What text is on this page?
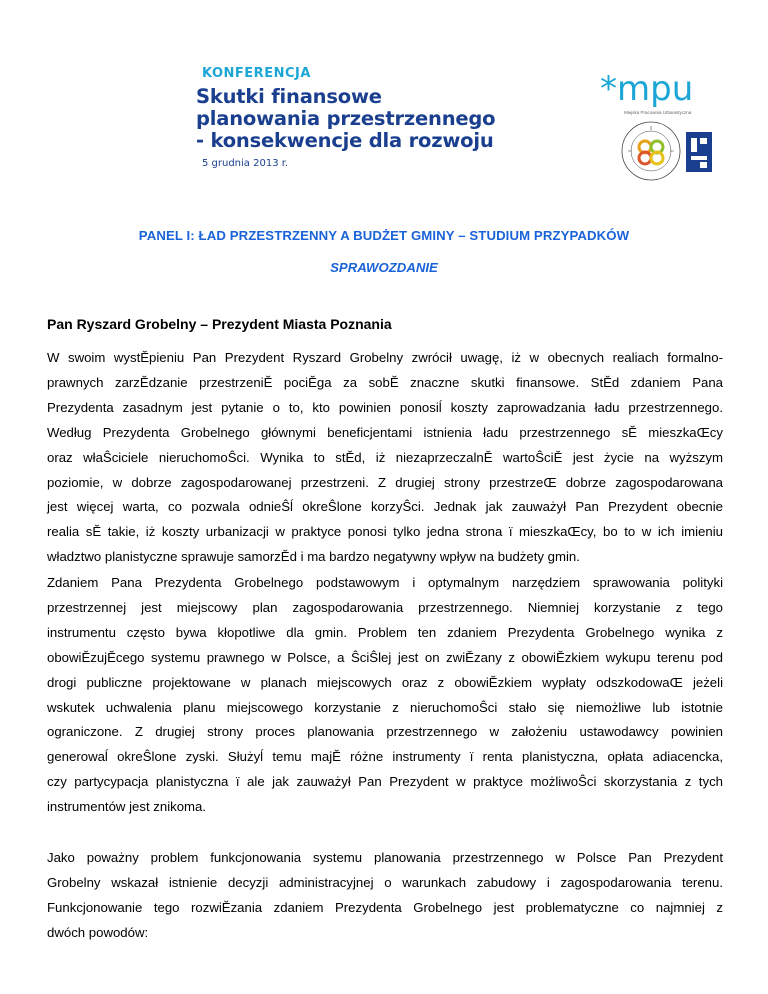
KONFERENCJA
Skutki finansowe
planowania przestrzennego
- konsekwencje dla rozwoju
5 grudnia 2013 r.
*mpu
Miejska Pracownia Urbanistyczna
PANEL I: ŁAD PRZESTRZENNY A BUDŻET GMINY – STUDIUM PRZYPADKÓW
SPRAWOZDANIE
Pan Ryszard Grobelny – Prezydent Miasta Poznania

W swoim wystĔpieniu Pan Prezydent Ryszard Grobelny zwrócił uwagę, iż w obecnych realiach formalno-
prawnych zarzĔdzanie przestrzeniĔ pociĔga za sobĔ znaczne skutki finansowe. StĔd zdaniem Pana
Prezydenta zasadnym jest pytanie o to, kto powinien ponosiĺ koszty zaprowadzania ładu przestrzennego.
Według Prezydenta Grobelnego głównymi beneficjentami istnienia ładu przestrzennego sĔ mieszkaŒcy
oraz właŜciciele nieruchomoŜci. Wynika to stĔd, iż niezaprzeczalnĔ wartoŜciĔ jest życie na wyższym
poziomie, w dobrze zagospodarowanej przestrzeni. Z drugiej strony przestrzeŒ dobrze zagospodarowana
jest więcej warta, co pozwala odnieŜĺ okreŜlone korzyŜci. Jednak jak zauważył Pan Prezydent obecnie
realia sĔ takie, iż koszty urbanizacji w praktyce ponosi tylko jedna strona ï mieszkaŒcy, bo to w ich imieniu
władztwo planistyczne sprawuje samorzĔd i ma bardzo negatywny wpływ na budżety gmin.

Zdaniem Pana Prezydenta Grobelnego podstawowym i optymalnym narzędziem sprawowania polityki
przestrzennej jest miejscowy plan zagospodarowania przestrzennego. Niemniej korzystanie z tego
instrumentu często bywa kłopotliwe dla gmin. Problem ten zdaniem Prezydenta Grobelnego wynika z
obowiĔzujĔcego systemu prawnego w Polsce, a ŜciŜlej jest on zwiĔzany z obowiĔzkiem wykupu terenu pod
drogi publiczne projektowane w planach miejscowych oraz z obowiĔzkiem wypłaty odszkodowaŒ jeżeli
wskutek uchwalenia planu miejscowego korzystanie z nieruchomoŜci stało się niemożliwe lub istotnie
ograniczone. Z drugiej strony proces planowania przestrzennego w założeniu ustawodawcy powinien
generowaĺ okreŜlone zyski. Służyĺ temu majĔ różne instrumenty ï renta planistyczna, opłata adiacencka,
czy partycypacja planistyczna ï ale jak zauważył Pan Prezydent w praktyce możliwoŜci skorzystania z tych
instrumentów jest znikoma.

Jako poważny problem funkcjonowania systemu planowania przestrzennego w Polsce Pan Prezydent
Grobelny wskazał istnienie decyzji administracyjnej o warunkach zabudowy i zagospodarowania terenu.
Funkcjonowanie tego rozwiĔzania zdaniem Prezydenta Grobelnego jest problematyczne co najmniej z
dwóch powodów:
